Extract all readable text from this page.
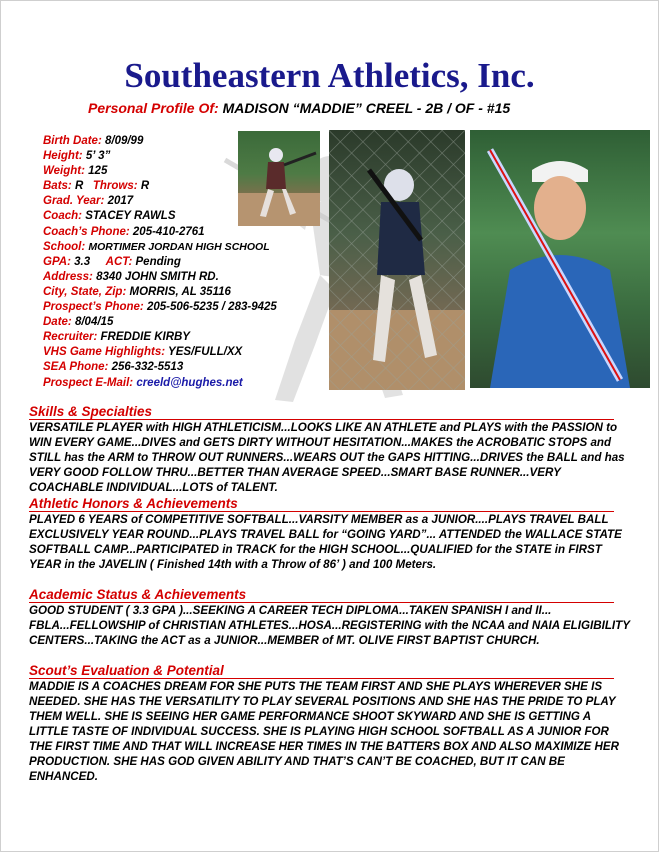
Southeastern Athletics, Inc.
Personal Profile Of: MADISON “MADDIE” CREEL - 2B / OF - #15
Birth Date: 8/09/99
Height: 5’ 3”
Weight: 125
Bats: R Throws: R
Grad. Year: 2017
Coach: STACEY RAWLS
Coach’s Phone: 205-410-2761
School: MORTIMER JORDAN HIGH SCHOOL
GPA: 3.3 ACT: Pending
Address: 8340 JOHN SMITH RD.
City, State, Zip: MORRIS, AL 35116
Prospect’s Phone: 205-506-5235 / 283-9425
Date: 8/04/15
Recruiter: FREDDIE KIRBY
VHS Game Highlights: YES/FULL/XX
SEA Phone: 256-332-5513
Prospect E-Mail: creeld@hughes.net
Skills & Specialties
VERSATILE PLAYER with HIGH ATHLETICISM...LOOKS LIKE AN ATHLETE and PLAYS with the PASSION to WIN EVERY GAME...DIVES and GETS DIRTY WITHOUT HESITATION...MAKES the ACROBATIC STOPS and STILL has the ARM to THROW OUT RUNNERS...WEARS OUT the GAPS HITTING...DRIVES the BALL and has VERY GOOD FOLLOW THRU...BETTER THAN AVERAGE SPEED...SMART BASE RUNNER...VERY COACHABLE INDIVIDUAL...LOTS of TALENT.
Athletic Honors & Achievements
PLAYED 6 YEARS of COMPETITIVE SOFTBALL...VARSITY MEMBER as a JUNIOR....PLAYS TRAVEL BALL EXCLUSIVELY YEAR ROUND...PLAYS TRAVEL BALL for “GOING YARD”... ATTENDED the WALLACE STATE SOFTBALL CAMP...PARTICIPATED in TRACK for the HIGH SCHOOL...QUALIFIED for the STATE in FIRST YEAR in the JAVELIN ( Finished 14th with a Throw of 86’ ) and 100 Meters.
Academic Status & Achievements
GOOD STUDENT ( 3.3 GPA )...SEEKING A CAREER TECH DIPLOMA...TAKEN SPANISH I and II... FBLA...FELLOWSHIP of CHRISTIAN ATHLETES...HOSA...REGISTERING with the NCAA and NAIA ELIGIBILITY CENTERS...TAKING the ACT as a JUNIOR...MEMBER of MT. OLIVE FIRST BAPTIST CHURCH.
Scout’s Evaluation & Potential
MADDIE IS A COACHES DREAM FOR SHE PUTS THE TEAM FIRST AND SHE PLAYS WHEREVER SHE IS NEEDED. SHE HAS THE VERSATILITY TO PLAY SEVERAL POSITIONS AND SHE HAS THE PRIDE TO PLAY THEM WELL. SHE IS SEEING HER GAME PERFORMANCE SHOOT SKYWARD AND SHE IS GETTING A LITTLE TASTE OF INDIVIDUAL SUCCESS. SHE IS PLAYING HIGH SCHOOL SOFTBALL AS A JUNIOR FOR THE FIRST TIME AND THAT WILL INCREASE HER TIMES IN THE BATTERS BOX AND ALSO MAXIMIZE HER PRODUCTION. SHE HAS GOD GIVEN ABILITY AND THAT’S CAN’T BE COACHED, BUT IT CAN BE ENHANCED.
